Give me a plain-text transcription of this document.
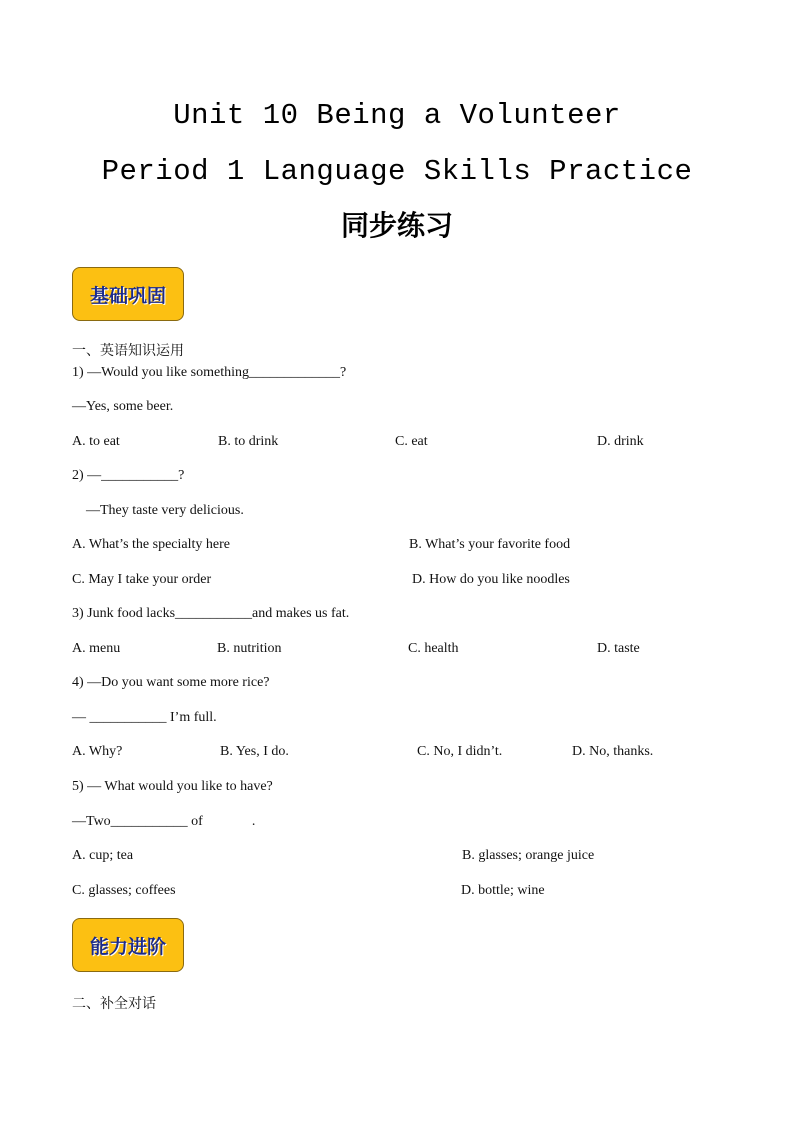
Unit 10 Being a Volunteer
Period 1 Language Skills Practice
同步练习
基础巩固
一、英语知识运用
1) —Would you like something_____________?
—Yes, some beer.
A. to eat	B. to drink	C. eat	D. drink
2) —___________?
—They taste very delicious.
A. What’s the specialty here	B. What’s your favorite food
C. May I take your order	D. How do you like noodles
3) Junk food lacks___________and makes us fat.
A. menu	B. nutrition	C. health	D. taste
4) —Do you want some more rice?
— ___________ I’m full.
A. Why?	B. Yes, I do.	C. No, I didn’t.	D. No, thanks.
5) — What would you like to have?
—Two___________ of              .
A. cup; tea	B. glasses; orange juice
C. glasses; coffees	D. bottle; wine
能力进阶
二、补全对话
